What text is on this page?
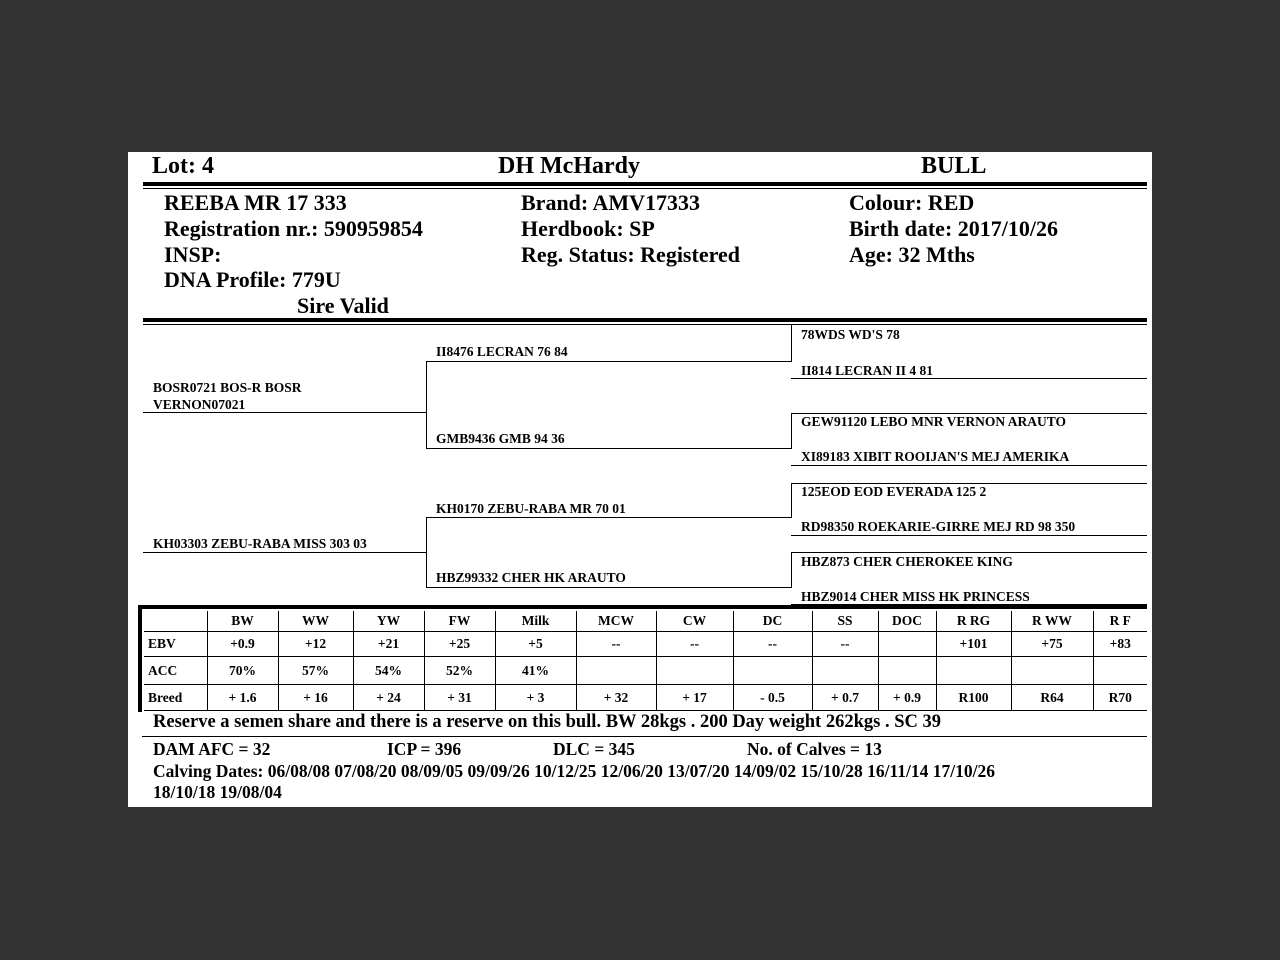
Lot: 4	DH McHardy	BULL
REEBA MR 17 333
Registration nr.: 590959854
INSP:
DNA Profile: 779U
Sire Valid
Brand: AMV17333
Herdbook: SP
Reg. Status: Registered
Colour: RED
Birth date: 2017/10/26
Age: 32 Mths
BOSR0721 BOS-R BOSR
VERNON07021
KH03303 ZEBU-RABA MISS 303 03
II8476 LECRAN 76 84
GMB9436 GMB 94 36
KH0170 ZEBU-RABA MR 70 01
HBZ99332 CHER HK ARAUTO
78WDS WD'S 78
II814 LECRAN II 4 81
GEW91120 LEBO MNR VERNON ARAUTO
XI89183 XIBIT ROOIJAN'S MEJ AMERIKA
125EOD EOD EVERADA 125 2
RD98350 ROEKARIE-GIRRE MEJ RD 98 350
HBZ873 CHER CHEROKEE KING
HBZ9014 CHER MISS HK PRINCESS
	BW	WW	YW	FW	Milk	MCW	CW	DC	SS	DOC	R RG	R WW	R F
EBV	+0.9	+12	+21	+25	+5	--	--	--	--		+101	+75	+83
ACC	70%	57%	54%	52%	41%								
Breed	+ 1.6	+ 16	+ 24	+ 31	+ 3	+ 32	+ 17	- 0.5	+ 0.7	+ 0.9	R100	R64	R70
Reserve a semen share and there is a reserve on this bull. BW 28kgs . 200 Day weight 262kgs . SC 39
DAM AFC = 32	ICP = 396	DLC = 345	No. of Calves = 13
Calving Dates: 06/08/08 07/08/20 08/09/05 09/09/26 10/12/25 12/06/20 13/07/20 14/09/02 15/10/28 16/11/14 17/10/26
18/10/18 19/08/04
